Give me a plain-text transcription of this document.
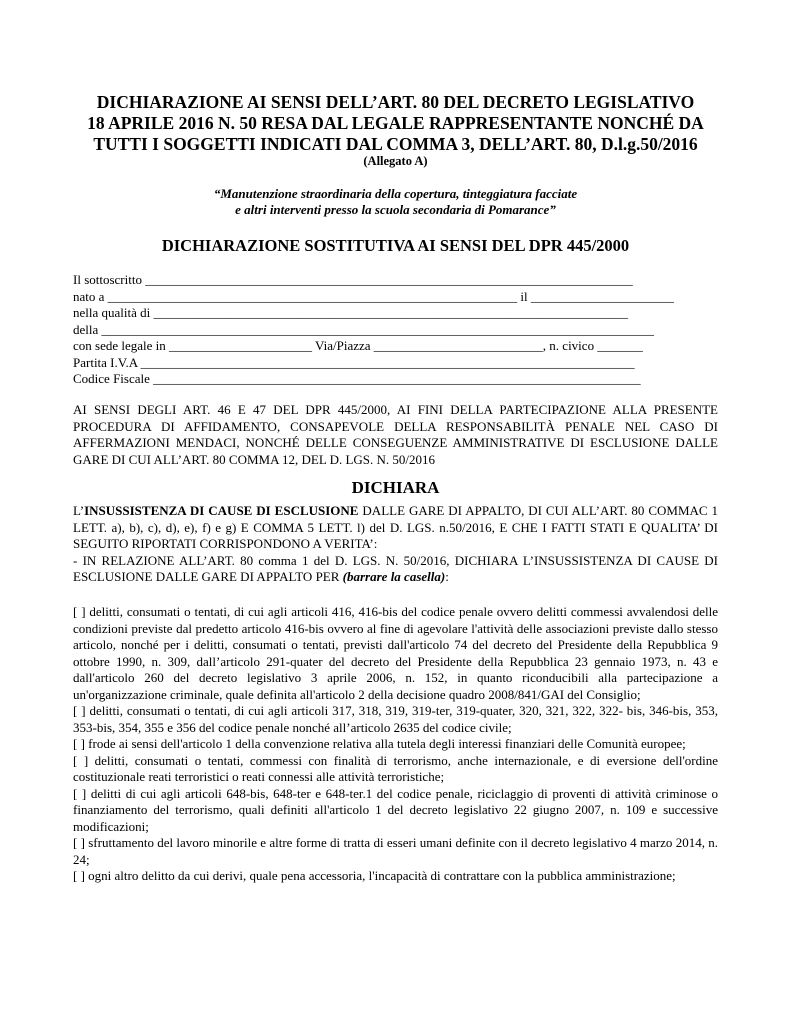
DICHIARAZIONE AI SENSI DELL’ART. 80 DEL DECRETO LEGISLATIVO
18 APRILE 2016 N. 50 RESA DAL LEGALE RAPPRESENTANTE NONCHÉ DA
TUTTI I SOGGETTI INDICATI DAL COMMA 3, DELL’ART. 80, D.l.g.50/2016
(Allegato A)
“Manutenzione straordinaria della copertura, tinteggiatura facciate
e altri interventi presso la scuola secondaria di Pomarance”
DICHIARAZIONE SOSTITUTIVA AI SENSI DEL DPR 445/2000
Il sottoscritto ___________________________________________________________________________
nato a _______________________________________________________________ il ______________________
nella qualità di _________________________________________________________________________
della _____________________________________________________________________________________
con sede legale in ______________________ Via/Piazza __________________________, n. civico _______
Partita I.V.A ____________________________________________________________________________
Codice Fiscale ___________________________________________________________________________
AI SENSI DEGLI ART. 46 E 47 DEL DPR 445/2000, AI FINI DELLA PARTECIPAZIONE ALLA PRESENTE PROCEDURA DI AFFIDAMENTO, CONSAPEVOLE DELLA RESPONSABILITÀ PENALE NEL CASO DI AFFERMAZIONI MENDACI, NONCHÉ DELLE CONSEGUENZE AMMINISTRATIVE DI ESCLUSIONE DALLE GARE DI CUI ALL’ART. 80 COMMA 12, DEL D. LGS. N. 50/2016
DICHIARA

L’INSUSSISTENZA DI CAUSE DI ESCLUSIONE DALLE GARE DI APPALTO, DI CUI ALL’ART. 80 COMMAC 1 LETT. a), b), c), d), e), f) e g) E COMMA 5 LETT. l) del D. LGS. n.50/2016, E CHE I FATTI STATI E QUALITA’ DI SEGUITO RIPORTATI CORRISPONDONO A VERITA’:

- IN RELAZIONE ALL’ART. 80 comma 1 del D. LGS. N. 50/2016, DICHIARA L’INSUSSISTENZA DI CAUSE DI ESCLUSIONE DALLE GARE DI APPALTO PER (barrare la casella):

[ ] delitti, consumati o tentati, di cui agli articoli 416, 416-bis del codice penale ovvero delitti commessi avvalendosi delle condizioni previste dal predetto articolo 416-bis ovvero al fine di agevolare l'attività delle associazioni previste dallo stesso articolo, nonché per i delitti, consumati o tentati, previsti dall'articolo 74 del decreto del Presidente della Repubblica 9 ottobre 1990, n. 309, dall’articolo 291-quater del decreto del Presidente della Repubblica 23 gennaio 1973, n. 43 e dall'articolo 260 del decreto legislativo 3 aprile 2006, n. 152, in quanto riconducibili alla partecipazione a un'organizzazione criminale, quale definita all'articolo 2 della decisione quadro 2008/841/GAI del Consiglio;

[ ] delitti, consumati o tentati, di cui agli articoli 317, 318, 319, 319-ter, 319-quater, 320, 321, 322, 322- bis, 346-bis, 353, 353-bis, 354, 355 e 356 del codice penale nonché all’articolo 2635 del codice civile;

[ ] frode ai sensi dell'articolo 1 della convenzione relativa alla tutela degli interessi finanziari delle Comunità europee;

[ ] delitti, consumati o tentati, commessi con finalità di terrorismo, anche internazionale, e di eversione dell'ordine costituzionale reati terroristici o reati connessi alle attività terroristiche;

[ ] delitti di cui agli articoli 648-bis, 648-ter e 648-ter.1 del codice penale, riciclaggio di proventi di attività criminose o finanziamento del terrorismo, quali definiti all'articolo 1 del decreto legislativo 22 giugno 2007, n. 109 e successive modificazioni;

[ ] sfruttamento del lavoro minorile e altre forme di tratta di esseri umani definite con il decreto legislativo 4 marzo 2014, n. 24;

[ ] ogni altro delitto da cui derivi, quale pena accessoria, l'incapacità di contrattare con la pubblica amministrazione;
